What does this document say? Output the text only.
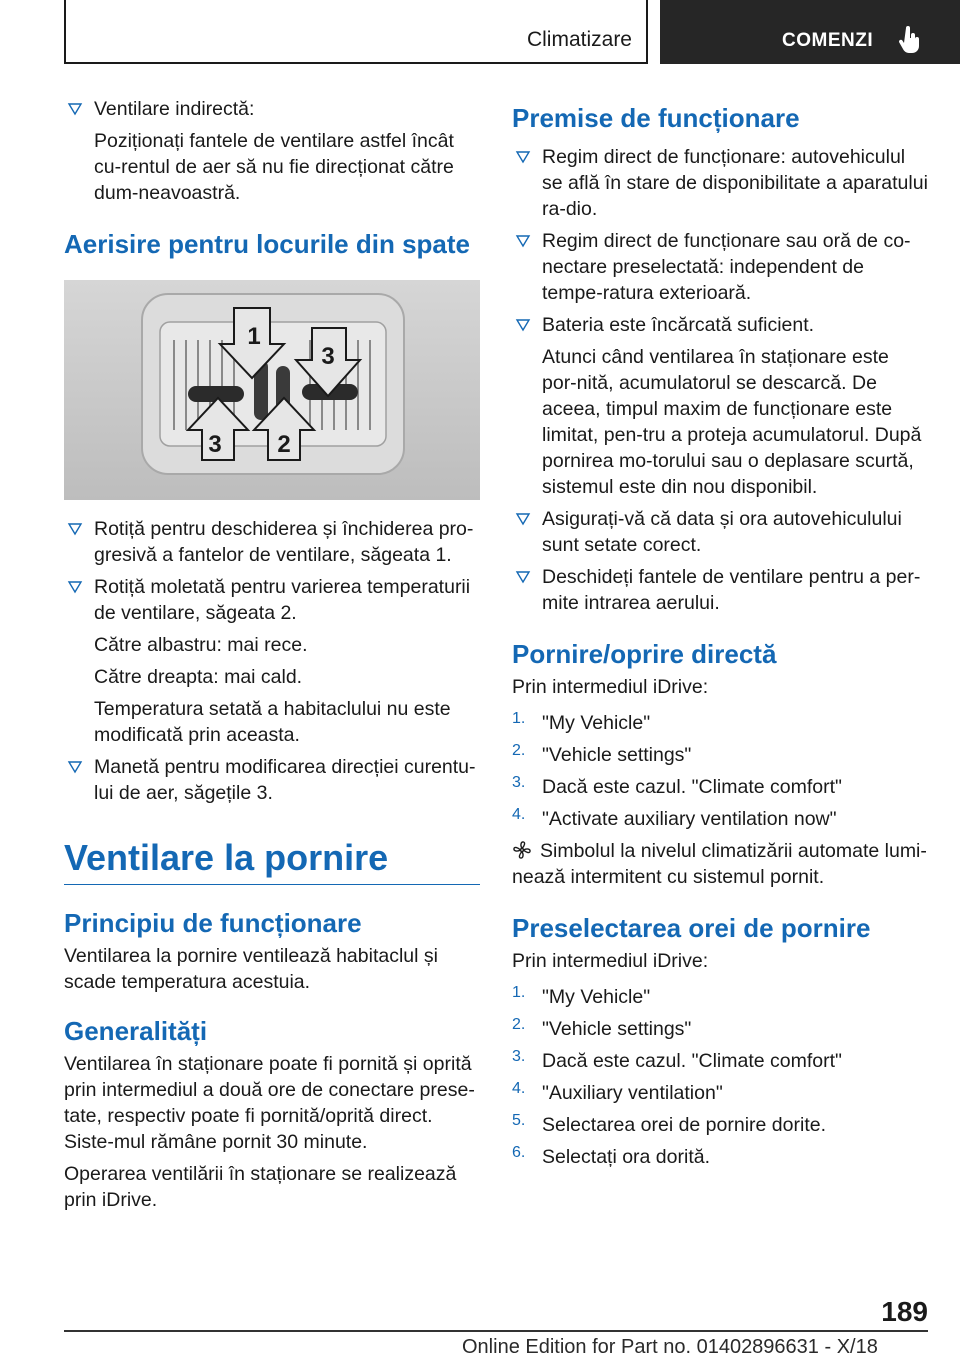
Climatizare	COMENZI

Ventilare indirectă:

Poziționați fantele de ventilare astfel încât cu-rentul de aer să nu fie direcționat către dum-neavoastră.

Aerisire pentru locurile din spate
1
3
3 2

Rotiță pentru deschiderea și închiderea pro-gresivă a fantelor de ventilare, săgeata 1.

Rotiță moletată pentru varierea temperaturii de ventilare, săgeata 2.

Către albastru: mai rece.

Către dreapta: mai cald.

Temperatura setată a habitaclului nu este modificată prin aceasta.

Manetă pentru modificarea direcției curentu-lui de aer, săgețile 3.

Ventilare la pornire
Principiu de funcționare

Ventilarea la pornire ventilează habitaclul și scade temperatura acestuia.

Generalități

Ventilarea în staționare poate fi pornită și oprită prin intermediul a două ore de conectare prese-tate, respectiv poate fi pornită/oprită direct. Siste-mul rămâne pornit 30 minute.

Operarea ventilării în staționare se realizează prin iDrive.

Premise de funcționare

Regim direct de funcționare: autovehiculul se află în stare de disponibilitate a aparatului ra-dio.

Regim direct de funcționare sau oră de co-nectare preselectată: independent de tempe-ratura exterioară.

Bateria este încărcată suficient.

Atunci când ventilarea în staționare este por-nită, acumulatorul se descarcă. De aceea, timpul maxim de funcționare este limitat, pen-tru a proteja acumulatorul. După pornirea mo-torului sau o deplasare scurtă, sistemul este din nou disponibil.

Asigurați-vă că data și ora autovehiculului sunt setate corect.

Deschideți fantele de ventilare pentru a per-mite intrarea aerului.

Pornire/oprire directă

Prin intermediul iDrive:

1. "My Vehicle"

2. "Vehicle settings"

3. Dacă este cazul. "Climate comfort"

4. "Activate auxiliary ventilation now"

Simbolul la nivelul climatizării automate lumi-nează intermitent cu sistemul pornit.

Preselectarea orei de pornire

Prin intermediul iDrive:

1. "My Vehicle"

2. "Vehicle settings"

3. Dacă este cazul. "Climate comfort"

4. "Auxiliary ventilation"

5. Selectarea orei de pornire dorite.

6. Selectați ora dorită.

189
Online Edition for Part no. 01402896631 - X/18
